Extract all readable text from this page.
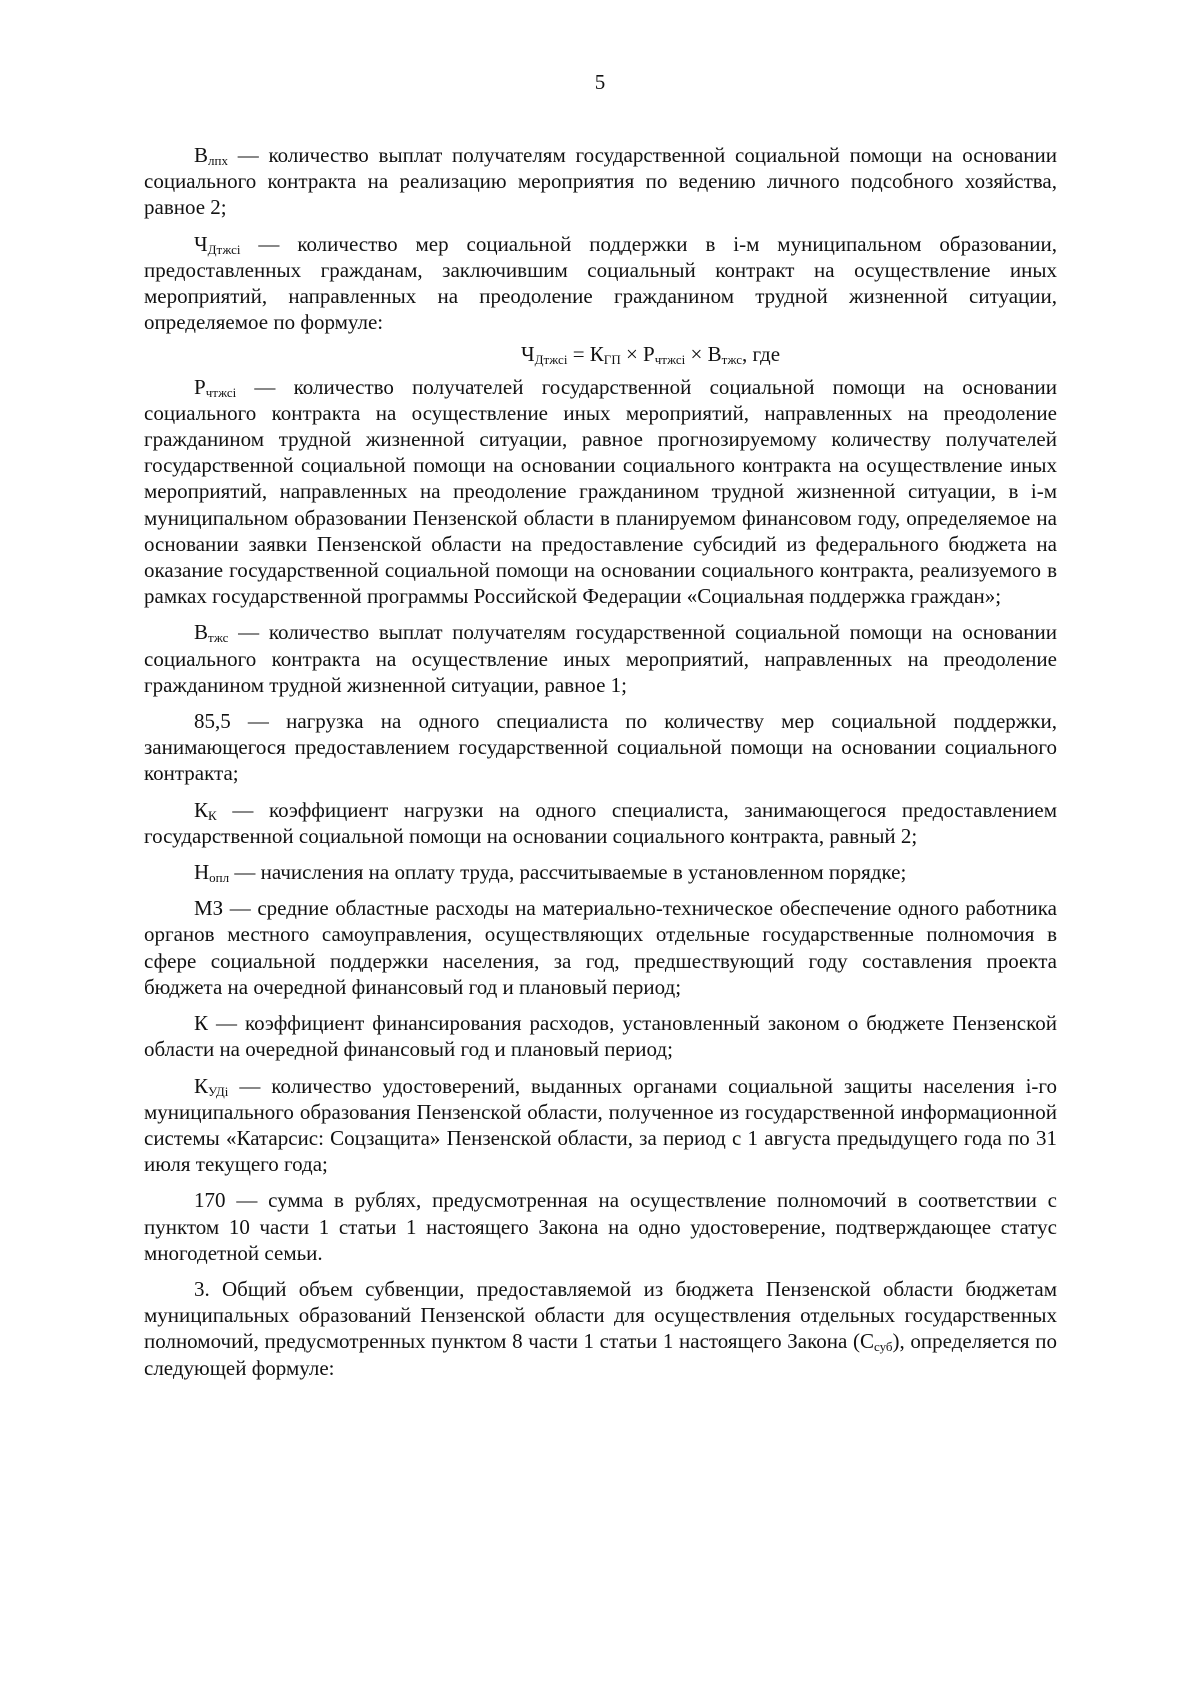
5

$В_{лпх}$ — количество выплат получателям государственной социальной помощи на основании социального контракта на реализацию мероприятия по ведению личного подсобного хозяйства, равное 2;

$Ч_{Дтжсi}$ — количество мер социальной поддержки в i-м муниципальном образовании, предоставленных гражданам, заключившим социальный контракт на осуществление иных мероприятий, направленных на преодоление гражданином трудной жизненной ситуации, определяемое по формуле:

$Ч_{Дтжсi} = К_{ГП} \times Р_{чтжсi} \times В_{тжс}$, где

$Р_{чтжсi}$ — количество получателей государственной социальной помощи на основании социального контракта на осуществление иных мероприятий, направленных на преодоление гражданином трудной жизненной ситуации, равное прогнозируемому количеству получателей государственной социальной помощи на основании социального контракта на осуществление иных мероприятий, направленных на преодоление гражданином трудной жизненной ситуации, в i-м муниципальном образовании Пензенской области в планируемом финансовом году, определяемое на основании заявки Пензенской области на предоставление субсидий из федерального бюджета на оказание государственной социальной помощи на основании социального контракта, реализуемого в рамках государственной программы Российской Федерации «Социальная поддержка граждан»;

$В_{тжс}$ — количество выплат получателям государственной социальной помощи на основании социального контракта на осуществление иных мероприятий, направленных на преодоление гражданином трудной жизненной ситуации, равное 1;

85,5 — нагрузка на одного специалиста по количеству мер социальной поддержки, занимающегося предоставлением государственной социальной помощи на основании социального контракта;

$К_К$ — коэффициент нагрузки на одного специалиста, занимающегося предоставлением государственной социальной помощи на основании социального контракта, равный 2;

$Н_{опл}$ — начисления на оплату труда, рассчитываемые в установленном порядке;

МЗ — средние областные расходы на материально-техническое обеспечение одного работника органов местного самоуправления, осуществляющих отдельные государственные полномочия в сфере социальной поддержки населения, за год, предшествующий году составления проекта бюджета на очередной финансовый год и плановый период;

К — коэффициент финансирования расходов, установленный законом о бюджете Пензенской области на очередной финансовый год и плановый период;

$К_{УДi}$ — количество удостоверений, выданных органами социальной защиты населения i-го муниципального образования Пензенской области, полученное из государственной информационной системы «Катарсис: Соцзащита» Пензенской области, за период с 1 августа предыдущего года по 31 июля текущего года;

170 — сумма в рублях, предусмотренная на осуществление полномочий в соответствии с пунктом 10 части 1 статьи 1 настоящего Закона на одно удостоверение, подтверждающее статус многодетной семьи.

3. Общий объем субвенции, предоставляемой из бюджета Пензенской области бюджетам муниципальных образований Пензенской области для осуществления отдельных государственных полномочий, предусмотренных пунктом 8 части 1 статьи 1 настоящего Закона $(С_{суб})$, определяется по следующей формуле:
